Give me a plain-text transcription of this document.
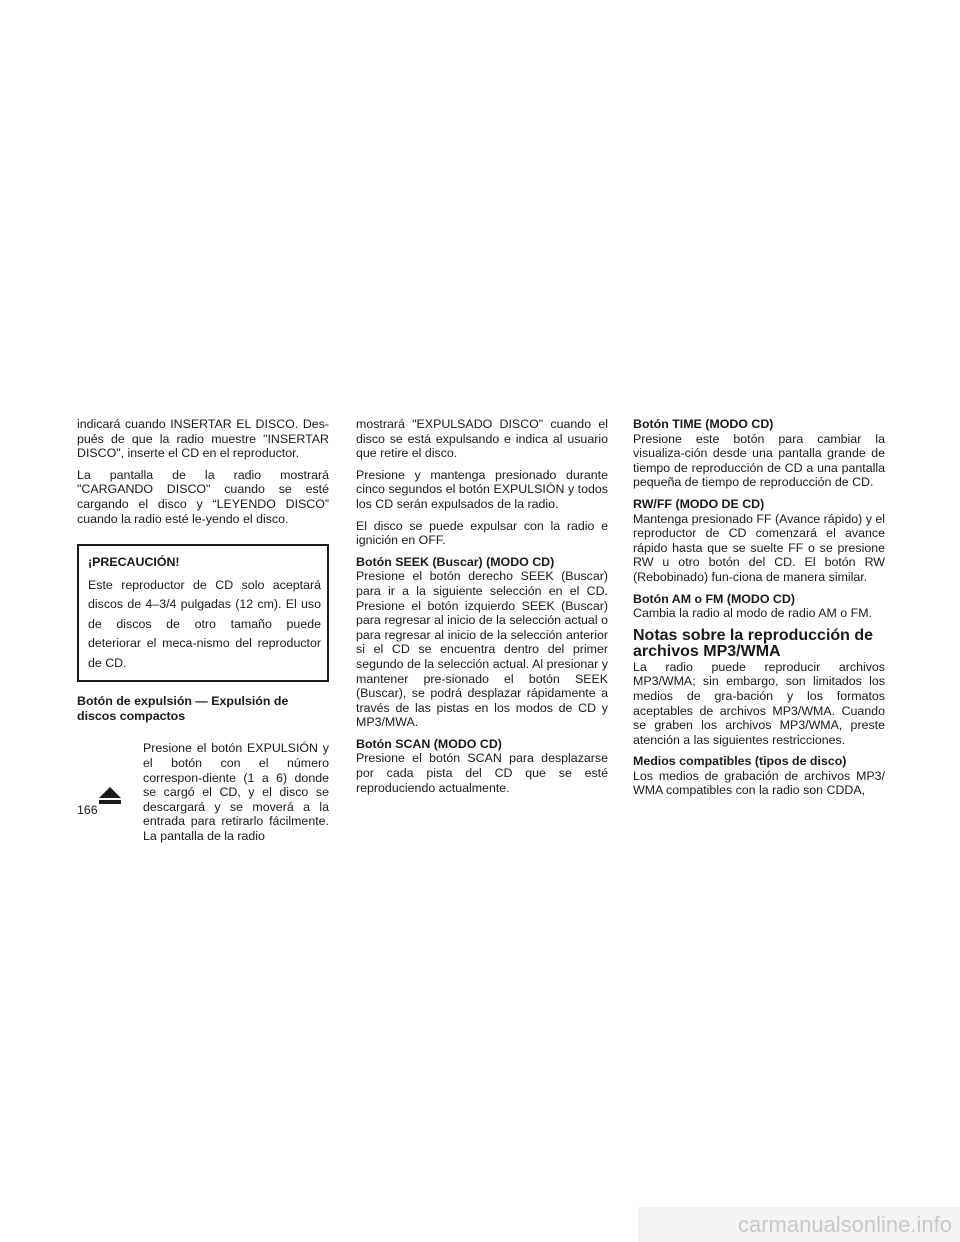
indicará cuando INSERTAR EL DISCO. Des-pués de que la radio muestre "INSERTAR DISCO", inserte el CD en el reproductor.

La pantalla de la radio mostrará "CARGANDO DISCO" cuando se esté cargando el disco y “LEYENDO DISCO” cuando la radio esté le-yendo el disco.

¡PRECAUCIÓN!

Este reproductor de CD solo aceptará discos de 4–3/4 pulgadas (12 cm). El uso de discos de otro tamaño puede deteriorar el meca-nismo del reproductor de CD.

Botón de expulsión — Expulsión de discos compactos

Presione el botón EXPULSIÓN y el botón con el número correspon-diente (1 a 6) donde se cargó el CD, y el disco se descargará y se moverá a la entrada para retirarlo fácilmente. La pantalla de la radio

mostrará "EXPULSADO DISCO" cuando el disco se está expulsando e indica al usuario que retire el disco.

Presione y mantenga presionado durante cinco segundos el botón EXPULSIÓN y todos los CD serán expulsados de la radio.

El disco se puede expulsar con la radio e ignición en OFF.

Botón SEEK (Buscar) (MODO CD)

Presione el botón derecho SEEK (Buscar) para ir a la siguiente selección en el CD. Presione el botón izquierdo SEEK (Buscar) para regresar al inicio de la selección actual o para regresar al inicio de la selección anterior si el CD se encuentra dentro del primer segundo de la selección actual. Al presionar y mantener pre-sionado el botón SEEK (Buscar), se podrá desplazar rápidamente a través de las pistas en los modos de CD y MP3/MWA.

Botón SCAN (MODO CD)

Presione el botón SCAN para desplazarse por cada pista del CD que se esté reproduciendo actualmente.

Botón TIME (MODO CD)

Presione este botón para cambiar la visualiza-ción desde una pantalla grande de tiempo de reproducción de CD a una pantalla pequeña de tiempo de reproducción de CD.

RW/FF (MODO DE CD)

Mantenga presionado FF (Avance rápido) y el reproductor de CD comenzará el avance rápido hasta que se suelte FF o se presione RW u otro botón del CD. El botón RW (Rebobinado) fun-ciona de manera similar.

Botón AM o FM (MODO CD)

Cambia la radio al modo de radio AM o FM.

Notas sobre la reproducción de
archivos MP3/WMA

La radio puede reproducir archivos MP3/WMA; sin embargo, son limitados los medios de gra-bación y los formatos aceptables de archivos MP3/WMA. Cuando se graben los archivos MP3/WMA, preste atención a las siguientes restricciones.

Medios compatibles (tipos de disco)

Los medios de grabación de archivos MP3/ WMA compatibles con la radio son CDDA,

166
carmanualsonline.info
